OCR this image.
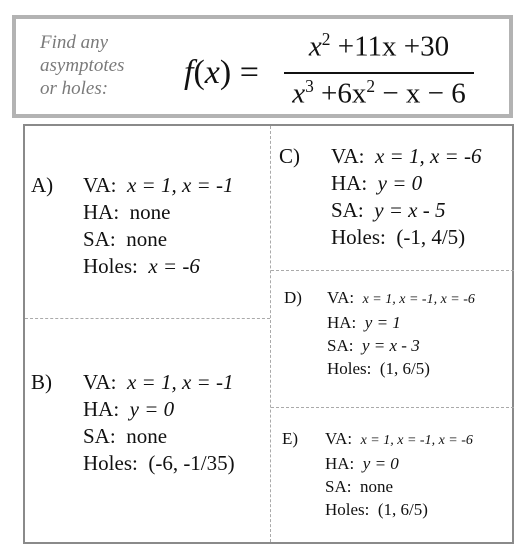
Find any
asymptotes
or holes:	f(x) =
$x^2 +11x +30$
$x^3 +6x^2 - x - 6$
A) VA: x = 1, x = -1
HA: none
SA: none
Holes: x = -6
B) VA: x = 1, x = -1
HA: y = 0
SA: none
Holes: (-6, -1/35)
C) VA: x = 1, x = -6
HA: y = 0
SA: y = x - 5
Holes: (-1, 4/5)
D) VA: x = 1, x = -1, x = -6
HA: y = 1
SA: y = x - 3
Holes: (1, 6/5)
E) VA: x = 1, x = -1, x = -6
HA: y = 0
SA: none
Holes: (1, 6/5)
